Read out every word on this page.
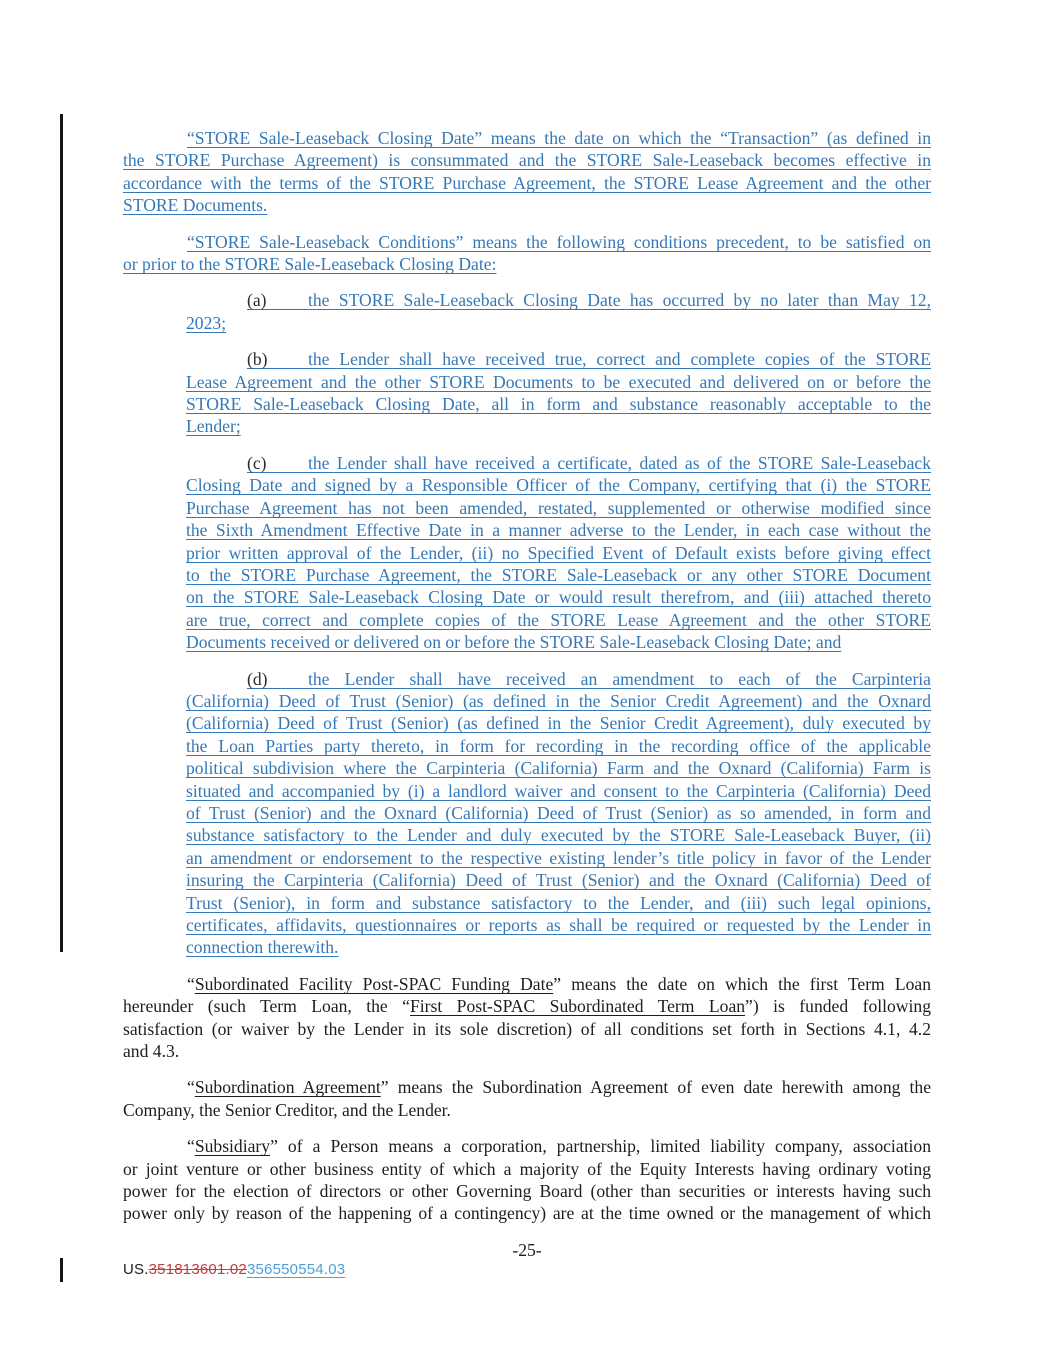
“STORE Sale-Leaseback Closing Date” means the date on which the “Transaction” (as defined in
the STORE Purchase Agreement) is consummated and the STORE Sale-Leaseback becomes effective in
accordance with the terms of the STORE Purchase Agreement, the STORE Lease Agreement and the other
STORE Documents.
“STORE Sale-Leaseback Conditions” means the following conditions precedent, to be satisfied on
or prior to the STORE Sale-Leaseback Closing Date:
(a) the STORE Sale-Leaseback Closing Date has occurred by no later than May 12,
2023;
(b) the Lender shall have received true, correct and complete copies of the STORE
Lease Agreement and the other STORE Documents to be executed and delivered on or before the
STORE Sale-Leaseback Closing Date, all in form and substance reasonably acceptable to the
Lender;
(c) the Lender shall have received a certificate, dated as of the STORE Sale-Leaseback
Closing Date and signed by a Responsible Officer of the Company, certifying that (i) the STORE
Purchase Agreement has not been amended, restated, supplemented or otherwise modified since
the Sixth Amendment Effective Date in a manner adverse to the Lender, in each case without the
prior written approval of the Lender, (ii) no Specified Event of Default exists before giving effect
to the STORE Purchase Agreement, the STORE Sale-Leaseback or any other STORE Document
on the STORE Sale-Leaseback Closing Date or would result therefrom, and (iii) attached thereto
are true, correct and complete copies of the STORE Lease Agreement and the other STORE
Documents received or delivered on or before the STORE Sale-Leaseback Closing Date; and
(d) the Lender shall have received an amendment to each of the Carpinteria
(California) Deed of Trust (Senior) (as defined in the Senior Credit Agreement) and the Oxnard
(California) Deed of Trust (Senior) (as defined in the Senior Credit Agreement), duly executed by
the Loan Parties party thereto, in form for recording in the recording office of the applicable
political subdivision where the Carpinteria (California) Farm and the Oxnard (California) Farm is
situated and accompanied by (i) a landlord waiver and consent to the Carpinteria (California) Deed
of Trust (Senior) and the Oxnard (California) Deed of Trust (Senior) as so amended, in form and
substance satisfactory to the Lender and duly executed by the STORE Sale-Leaseback Buyer, (ii)
an amendment or endorsement to the respective existing lender’s title policy in favor of the Lender
insuring the Carpinteria (California) Deed of Trust (Senior) and the Oxnard (California) Deed of
Trust (Senior), in form and substance satisfactory to the Lender, and (iii) such legal opinions,
certificates, affidavits, questionnaires or reports as shall be required or requested by the Lender in
connection therewith.
“Subordinated Facility Post-SPAC Funding Date” means the date on which the first Term Loan
hereunder (such Term Loan, the “First Post-SPAC Subordinated Term Loan”) is funded following
satisfaction (or waiver by the Lender in its sole discretion) of all conditions set forth in Sections 4.1, 4.2
and 4.3.
“Subordination Agreement” means the Subordination Agreement of even date herewith among the
Company, the Senior Creditor, and the Lender.
“Subsidiary” of a Person means a corporation, partnership, limited liability company, association
or joint venture or other business entity of which a majority of the Equity Interests having ordinary voting
power for the election of directors or other Governing Board (other than securities or interests having such
power only by reason of the happening of a contingency) are at the time owned or the management of which
-25-
US.351813601.02356550554.03
